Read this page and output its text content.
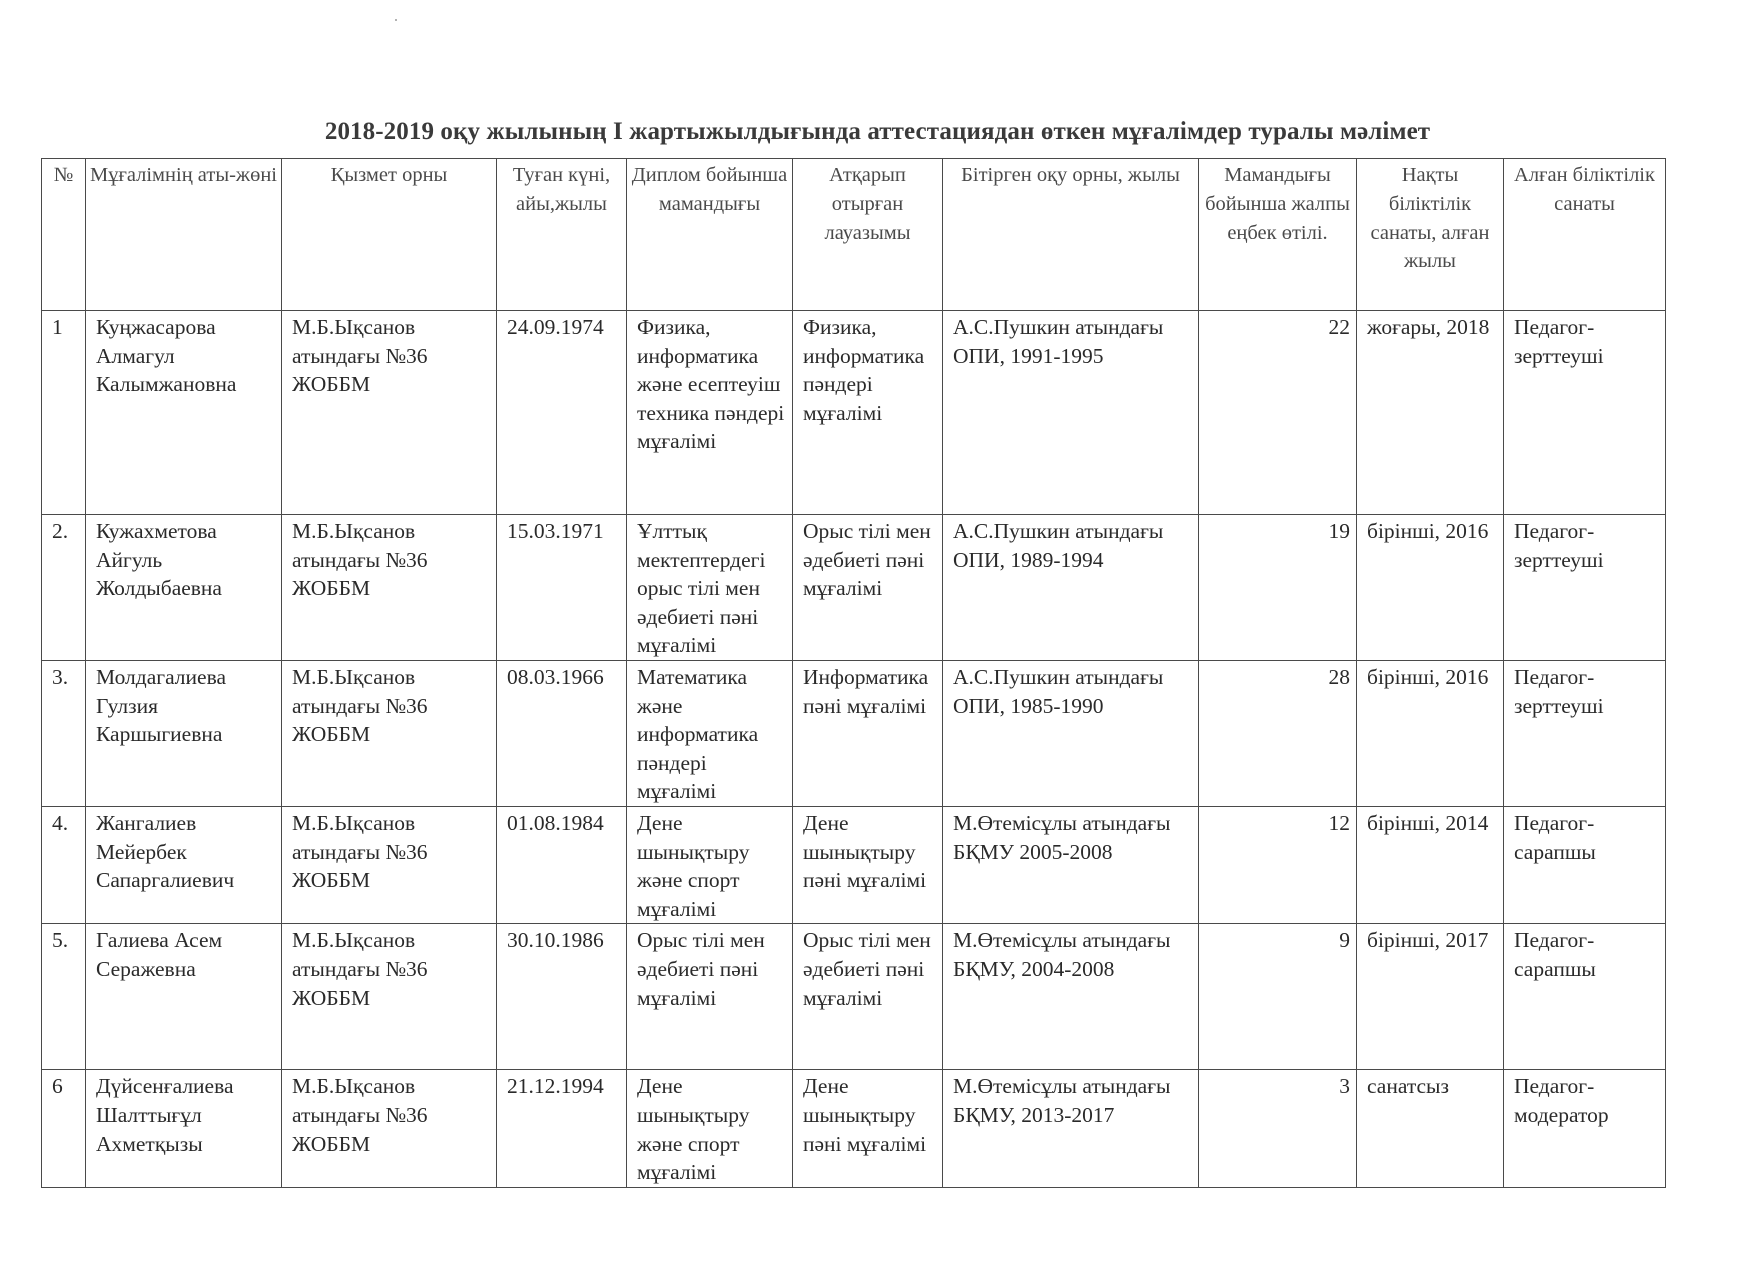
2018-2019 оқу жылының I жартыжылдығында аттестациядан өткен мұғалімдер туралы мәлімет
№	Мұғалімнің аты-жөні	Қызмет орны	Туған күні, айы,жылы	Диплом бойынша мамандығы	Атқарып отырған лауазымы	Бітірген оқу орны, жылы	Мамандығы бойынша жалпы еңбек өтілі.	Нақты біліктілік санаты, алған жылы	Алған біліктілік санаты
1	Куңжасарова Алмагул Калымжановна	М.Б.Ықсанов атындағы №36 ЖОББМ	24.09.1974	Физика, информатика және есептеуіш техника пәндері мұғалімі	Физика, информатика пәндері мұғалімі	А.С.Пушкин атындағы ОПИ, 1991-1995	22	жоғары, 2018	Педагог-зерттеуші
2.	Кужахметова Айгуль Жолдыбаевна	М.Б.Ықсанов атындағы №36 ЖОББМ	15.03.1971	Ұлттық мектептердегі орыс тілі мен әдебиеті пәні мұғалімі	Орыс тілі мен әдебиеті пәні мұғалімі	А.С.Пушкин атындағы ОПИ, 1989-1994	19	бірінші, 2016	Педагог-зерттеуші
3.	Молдагалиева Гулзия Каршыгиевна	М.Б.Ықсанов атындағы №36 ЖОББМ	08.03.1966	Математика және информатика пәндері мұғалімі	Информатика пәні мұғалімі	А.С.Пушкин атындағы ОПИ, 1985-1990	28	бірінші, 2016	Педагог-зерттеуші
4.	Жангалиев Мейербек Сапаргалиевич	М.Б.Ықсанов атындағы №36 ЖОББМ	01.08.1984	Дене шынықтыру және спорт мұғалімі	Дене шынықтыру пәні мұғалімі	М.Өтемісұлы атындағы БҚМУ 2005-2008	12	бірінші, 2014	Педагог-сарапшы
5.	Галиева Асем Серажевна	М.Б.Ықсанов атындағы №36 ЖОББМ	30.10.1986	Орыс тілі мен әдебиеті пәні мұғалімі	Орыс тілі мен әдебиеті пәні мұғалімі	М.Өтемісұлы атындағы БҚМУ, 2004-2008	9	бірінші, 2017	Педагог-сарапшы
6	Дүйсенғалиева Шалттығұл Ахметқызы	М.Б.Ықсанов атындағы №36 ЖОББМ	21.12.1994	Дене шынықтыру және спорт мұғалімі	Дене шынықтыру пәні мұғалімі	М.Өтемісұлы атындағы БҚМУ, 2013-2017	3	санатсыз	Педагог-модератор
